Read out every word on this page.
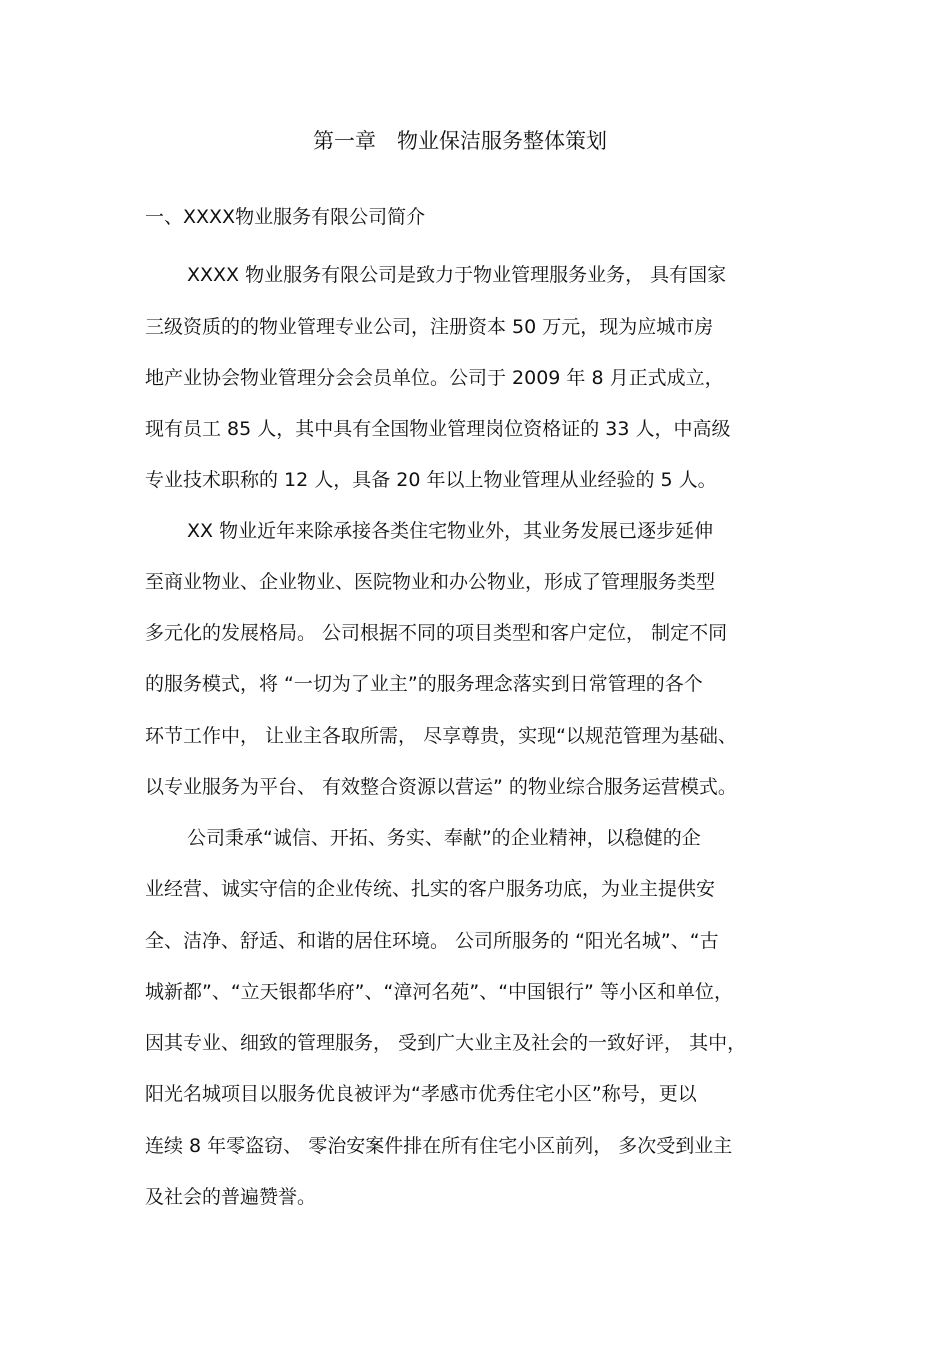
第一章　物业保洁服务整体策划
一、XXXX物业服务有限公司简介
XXXX 物业服务有限公司是致力于物业管理服务业务， 具有国家
三级资质的的物业管理专业公司，注册资本 50 万元，现为应城市房
地产业协会物业管理分会会员单位。公司于 2009 年 8 月正式成立，
现有员工 85 人，其中具有全国物业管理岗位资格证的 33 人，中高级
专业技术职称的 12 人，具备 20 年以上物业管理从业经验的 5 人。
XX 物业近年来除承接各类住宅物业外，其业务发展已逐步延伸
至商业物业、企业物业、医院物业和办公物业，形成了管理服务类型
多元化的发展格局。 公司根据不同的项目类型和客户定位， 制定不同
的服务模式，将 “一切为了业主”的服务理念落实到日常管理的各个
环节工作中， 让业主各取所需， 尽享尊贵，实现“以规范管理为基础、
以专业服务为平台、 有效整合资源以营运” 的物业综合服务运营模式。
公司秉承“诚信、开拓、务实、奉献”的企业精神，以稳健的企
业经营、诚实守信的企业传统、扎实的客户服务功底，为业主提供安
全、洁净、舒适、和谐的居住环境。 公司所服务的 “阳光名城”、“古
城新都”、“立天银都华府”、“漳河名苑”、“中国银行” 等小区和单位，
因其专业、细致的管理服务， 受到广大业主及社会的一致好评， 其中，
阳光名城项目以服务优良被评为“孝感市优秀住宅小区”称号，更以
连续 8 年零盗窃、 零治安案件排在所有住宅小区前列， 多次受到业主
及社会的普遍赞誉。
